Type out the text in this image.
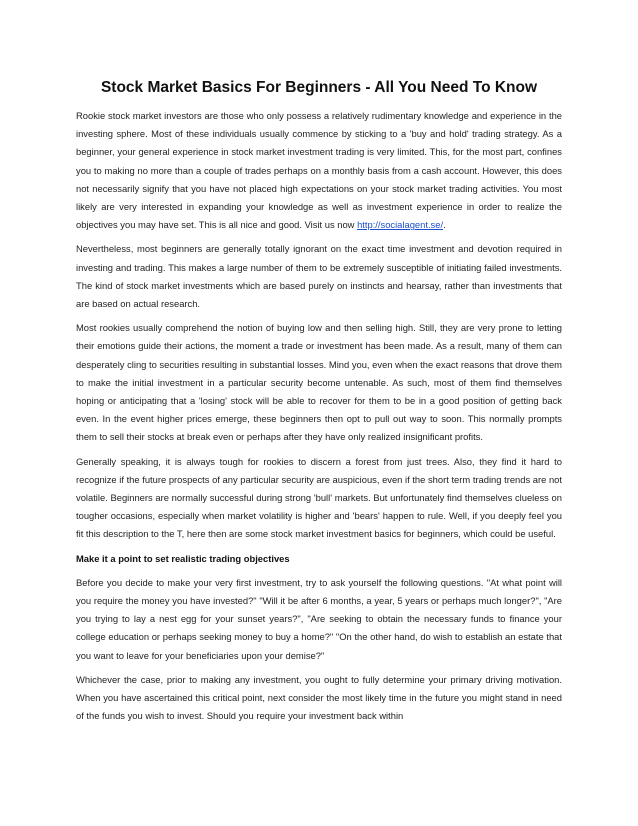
Stock Market Basics For Beginners - All You Need To Know

Rookie stock market investors are those who only possess a relatively rudimentary knowledge and experience in the investing sphere. Most of these individuals usually commence by sticking to a 'buy and hold' trading strategy. As a beginner, your general experience in stock market investment trading is very limited. This, for the most part, confines you to making no more than a couple of trades perhaps on a monthly basis from a cash account. However, this does not necessarily signify that you have not placed high expectations on your stock market trading activities. You most likely are very interested in expanding your knowledge as well as investment experience in order to realize the objectives you may have set. This is all nice and good. Visit us now http://socialagent.se/.

Nevertheless, most beginners are generally totally ignorant on the exact time investment and devotion required in investing and trading. This makes a large number of them to be extremely susceptible of initiating failed investments. The kind of stock market investments which are based purely on instincts and hearsay, rather than investments that are based on actual research.

Most rookies usually comprehend the notion of buying low and then selling high. Still, they are very prone to letting their emotions guide their actions, the moment a trade or investment has been made. As a result, many of them can desperately cling to securities resulting in substantial losses. Mind you, even when the exact reasons that drove them to make the initial investment in a particular security become untenable. As such, most of them find themselves hoping or anticipating that a 'losing' stock will be able to recover for them to be in a good position of getting back even. In the event higher prices emerge, these beginners then opt to pull out way to soon. This normally prompts them to sell their stocks at break even or perhaps after they have only realized insignificant profits.

Generally speaking, it is always tough for rookies to discern a forest from just trees. Also, they find it hard to recognize if the future prospects of any particular security are auspicious, even if the short term trading trends are not volatile. Beginners are normally successful during strong 'bull' markets. But unfortunately find themselves clueless on tougher occasions, especially when market volatility is higher and 'bears' happen to rule. Well, if you deeply feel you fit this description to the T, here then are some stock market investment basics for beginners, which could be useful.

Make it a point to set realistic trading objectives

Before you decide to make your very first investment, try to ask yourself the following questions. "At what point will you require the money you have invested?" "Will it be after 6 months, a year, 5 years or perhaps much longer?", "Are you trying to lay a nest egg for your sunset years?", "Are seeking to obtain the necessary funds to finance your college education or perhaps seeking money to buy a home?" "On the other hand, do wish to establish an estate that you want to leave for your beneficiaries upon your demise?"

Whichever the case, prior to making any investment, you ought to fully determine your primary driving motivation. When you have ascertained this critical point, next consider the most likely time in the future you might stand in need of the funds you wish to invest. Should you require your investment back within
